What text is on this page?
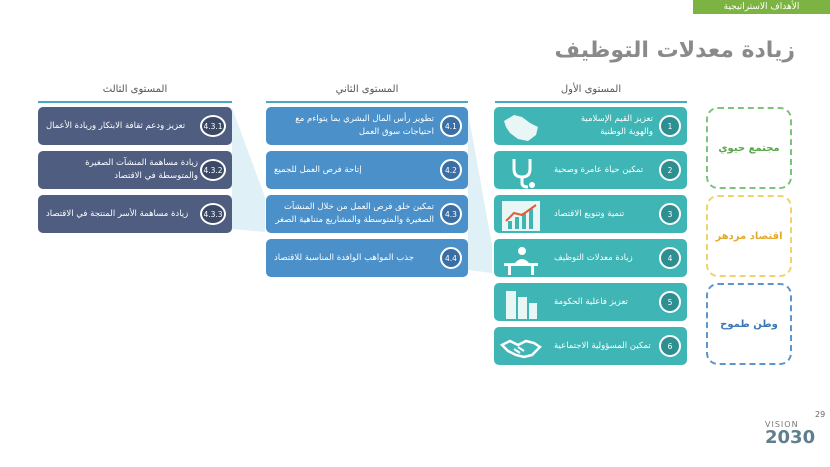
الأهداف الاستراتيجية
زيادة معدلات التوظيف
المستوى الأول
المستوى الثاني
المستوى الثالث
تعزيز القيم الإسلامية والهوية الوطنية
1
تمكين حياة عامرة وصحية	2
تنمية وتنويع الاقتصاد	3
زيادة معدلات التوظيف	4
تعزيز فاعلية الحكومة	5
تمكين المسؤولية الاجتماعية	6
تطوير رأس المال البشري بما يتواءم مع احتياجات سوق العمل
4.1
إتاحة فرص العمل للجميع	4.2
تمكين خلق فرص العمل من خلال المنشآت الصغيرة والمتوسطة والمشاريع متناهية الصغر
4.3
جذب المواهب الوافدة المناسبة للاقتصاد	4.4
تعزيز ودعم ثقافة الابتكار وريادة الأعمال	4.3.1
زيادة مساهمة المنشآت الصغيرة والمتوسطة في الاقتصاد
4.3.2
زيادة مساهمة الأسر المنتجة في الاقتصاد	4.3.3
مجتمع حيوي
اقتصاد مزدهر
وطن طموح
29
VISION
2030
